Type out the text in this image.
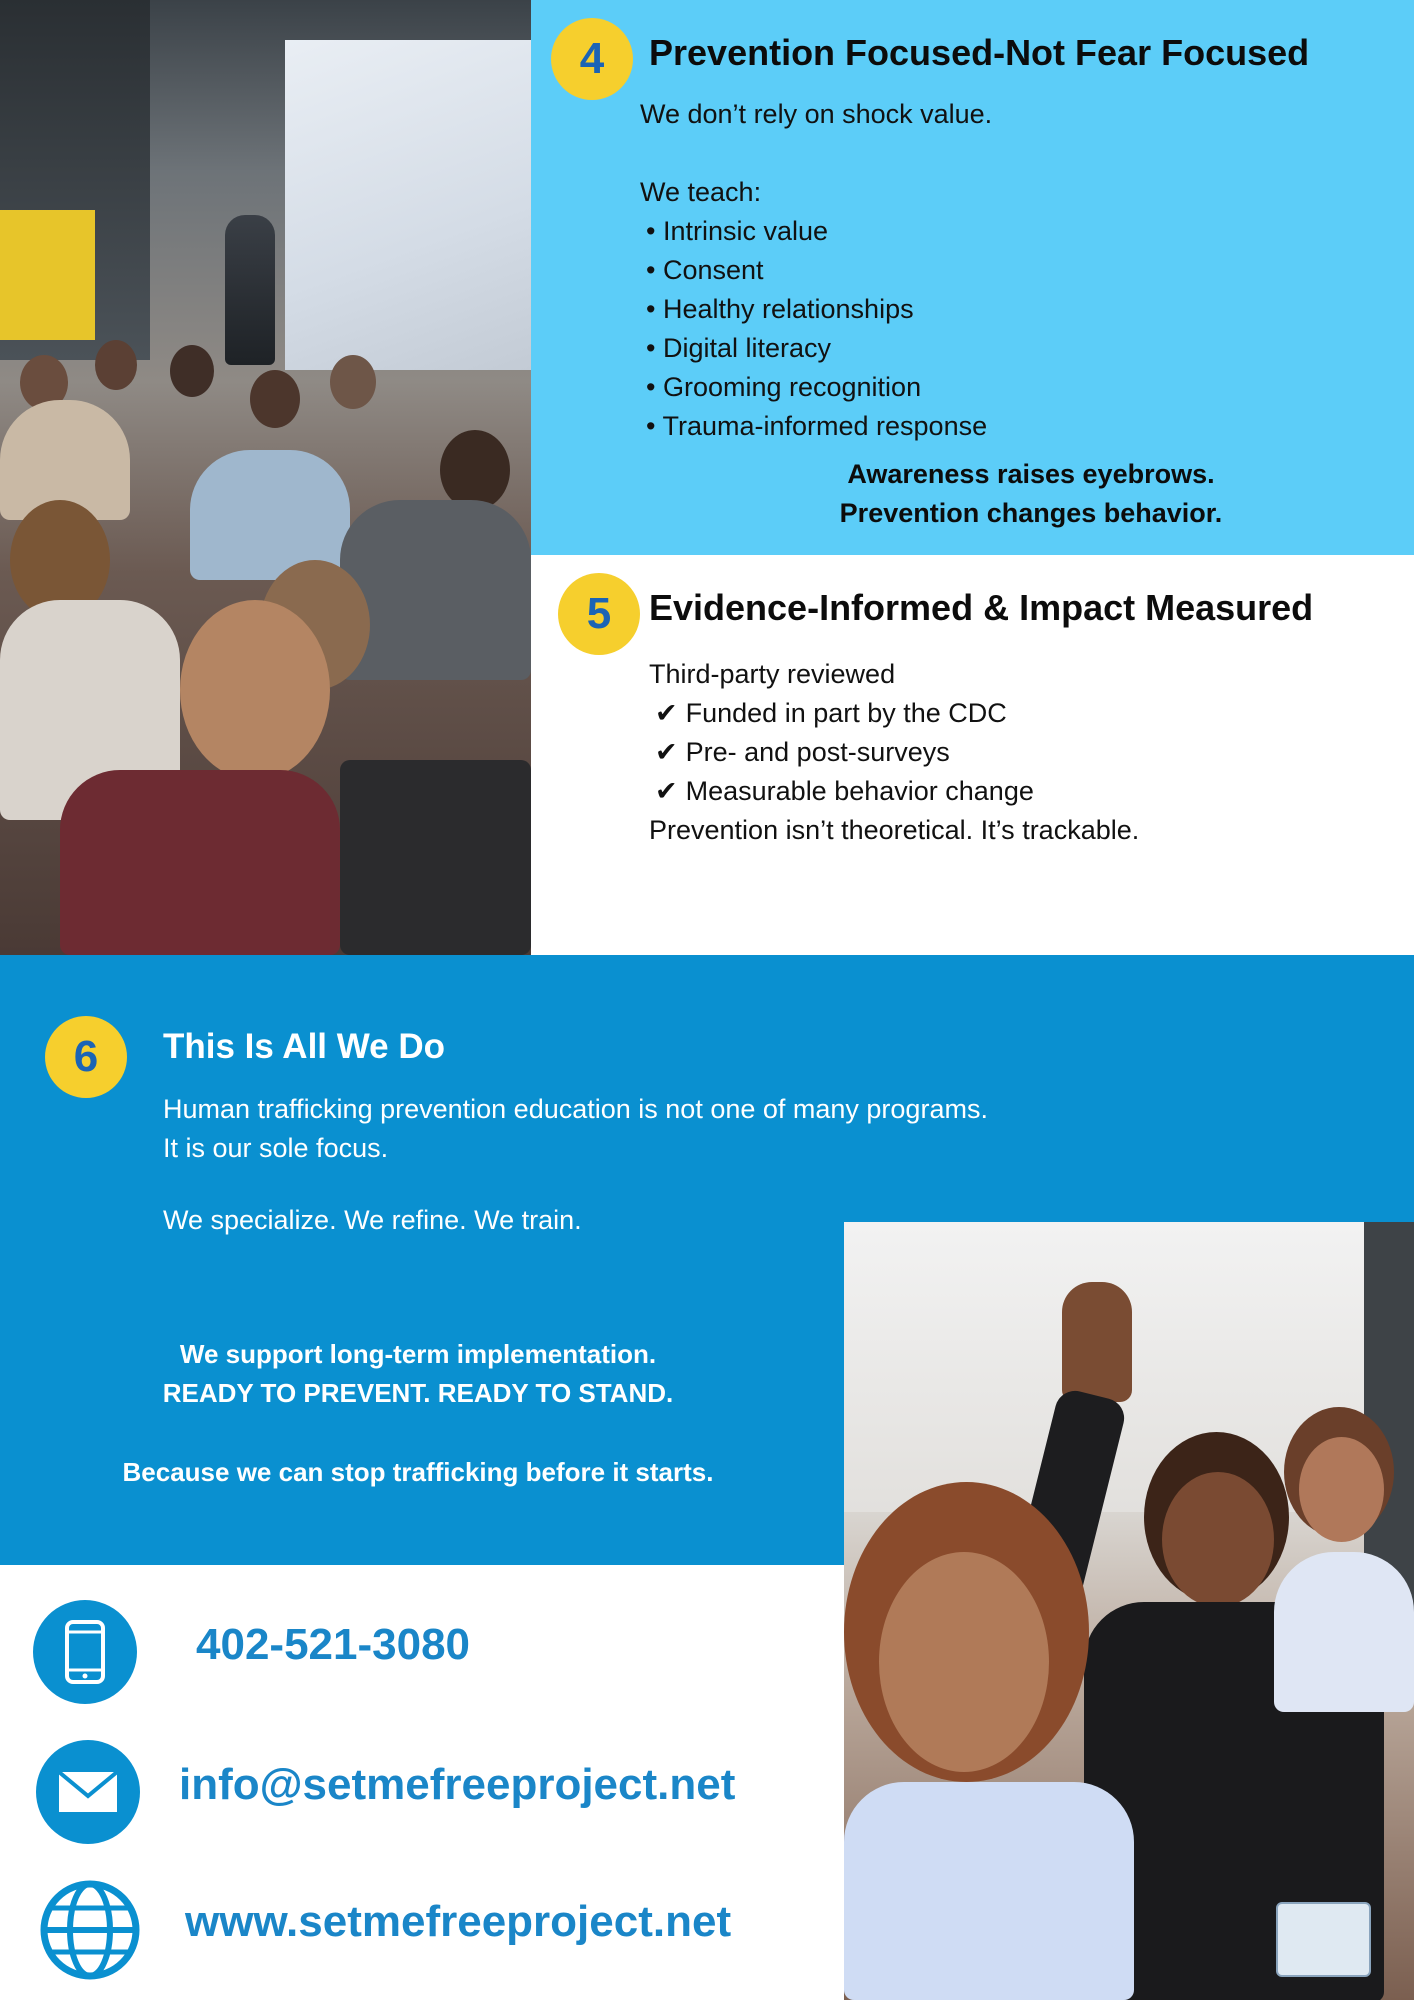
4	Prevention Focused-Not Fear Focused
We don’t rely on shock value.
We teach:
• Intrinsic value
• Consent
• Healthy relationships
• Digital literacy
• Grooming recognition
• Trauma-informed response
Awareness raises eyebrows.
Prevention changes behavior.
5	Evidence-Informed & Impact Measured
Third-party reviewed
✔ Funded in part by the CDC
✔ Pre- and post-surveys
✔ Measurable behavior change
Prevention isn’t theoretical. It’s trackable.
6	This Is All We Do
Human trafficking prevention education is not one of many programs.
It is our sole focus.
We specialize. We refine. We train.
We support long-term implementation.
READY TO PREVENT. READY TO STAND.
Because we can stop trafficking before it starts.
402-521-3080
info@setmefreeproject.net
www.setmefreeproject.net
